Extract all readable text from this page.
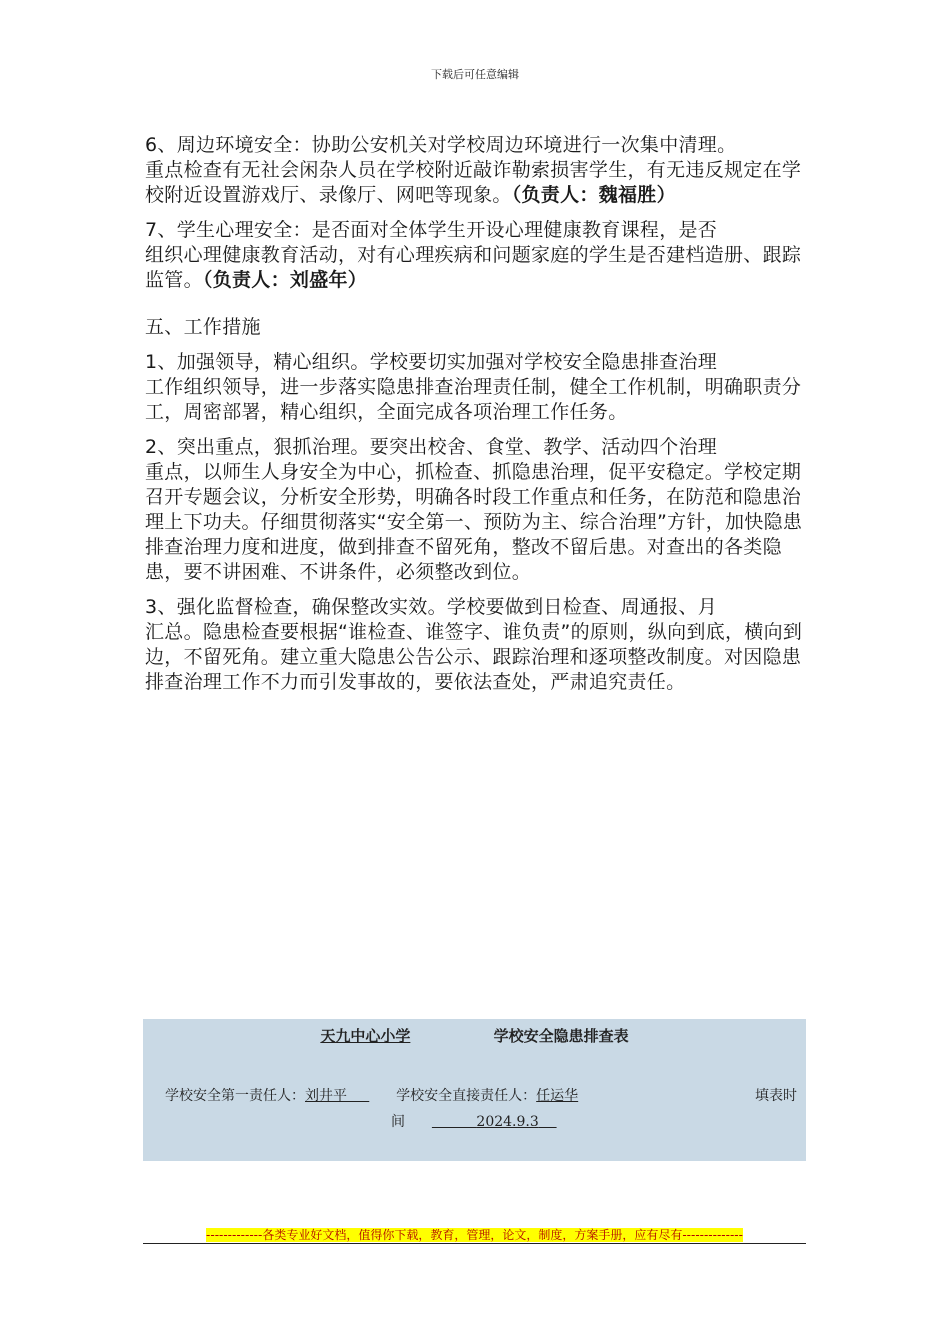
下载后可任意编辑

6、周边环境安全：协助公安机关对学校周边环境进行一次集中清理。

重点检查有无社会闲杂人员在学校附近敲诈勒索损害学生，有无违反规定在学校附近设置游戏厅、录像厅、网吧等现象。（负责人：魏福胜）

7、学生心理安全：是否面对全体学生开设心理健康教育课程，是否

组织心理健康教育活动，对有心理疾病和问题家庭的学生是否建档造册、跟踪监管。（负责人：刘盛年）

五、工作措施

1、加强领导，精心组织。学校要切实加强对学校安全隐患排查治理

工作组织领导，进一步落实隐患排查治理责任制，健全工作机制，明确职责分工，周密部署，精心组织，全面完成各项治理工作任务。

2、突出重点，狠抓治理。要突出校舍、食堂、教学、活动四个治理

重点，以师生人身安全为中心，抓检查、抓隐患治理，促平安稳定。学校定期召开专题会议，分析安全形势，明确各时段工作重点和任务，在防范和隐患治理上下功夫。仔细贯彻落实“安全第一、预防为主、综合治理”方针，加快隐患排查治理力度和进度，做到排查不留死角，整改不留后患。对查出的各类隐患，要不讲困难、不讲条件，必须整改到位。

3、强化监督检查，确保整改实效。学校要做到日检查、周通报、月

汇总。隐患检查要根据“谁检查、谁签字、谁负责”的原则，纵向到底，横向到边，不留死角。建立重大隐患公告公示、跟踪治理和逐项整改制度。对因隐患排查治理工作不力而引发事故的，要依法查处，严肃追究责任。

天九中心小学	学校安全隐患排查表
学校安全第一责任人：刘井平	学校安全直接责任人：任运华	填表时
间	2024.9.3
-------------各类专业好文档，值得你下载，教育，管理，论文，制度，方案手册，应有尽有--------------
